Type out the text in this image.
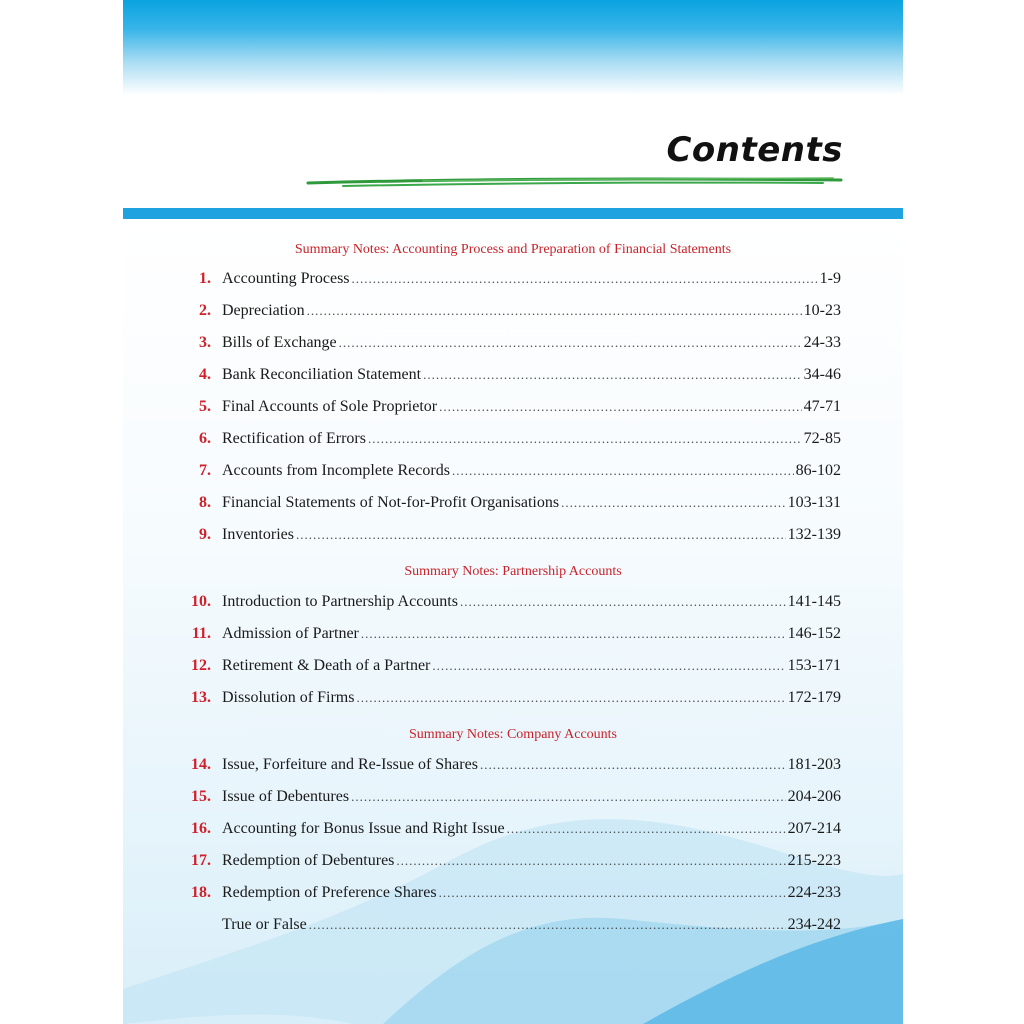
Contents
Summary Notes: Accounting Process and Preparation of Financial Statements
1. Accounting Process .....	1-9
2. Depreciation .....	10-23
3. Bills of Exchange .....	24-33
4. Bank Reconciliation Statement .....	34-46
5. Final Accounts of Sole Proprietor .....	47-71
6. Rectification of Errors .....	72-85
7. Accounts from Incomplete Records .....	86-102
8. Financial Statements of Not-for-Profit Organisations .....	103-131
9. Inventories .....	132-139
Summary Notes: Partnership Accounts
10. Introduction to Partnership Accounts .....	141-145
11. Admission of Partner .....	146-152
12. Retirement & Death of a Partner .....	153-171
13. Dissolution of Firms .....	172-179
Summary Notes: Company Accounts
14. Issue, Forfeiture and Re-Issue of Shares .....	181-203
15. Issue of Debentures .....	204-206
16. Accounting for Bonus Issue and Right Issue .....	207-214
17. Redemption of Debentures .....	215-223
18. Redemption of Preference Shares .....	224-233
True or False .....	234-242
